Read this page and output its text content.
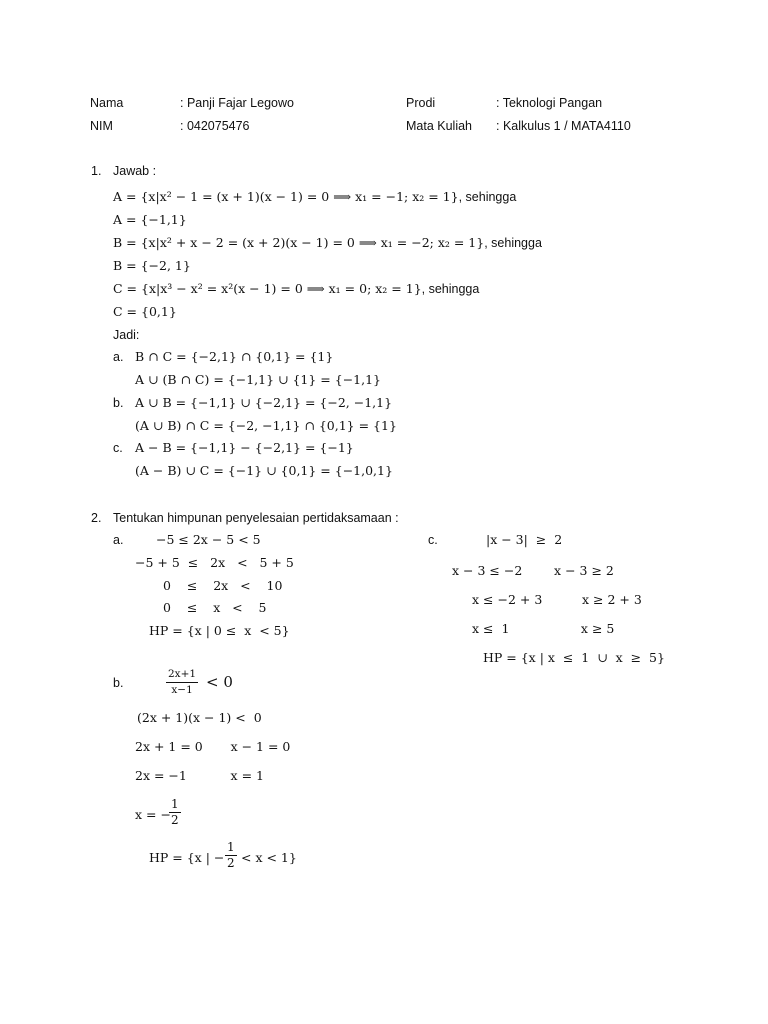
Nama	: Panji Fajar Legowo	Prodi	: Teknologi Pangan
NIM	: 042075476	Mata Kuliah : Kalkulus 1 / MATA4110
1. Jawab :
A = {x|x² − 1 = (x + 1)(x − 1) = 0 ⟹ x₁ = −1; x₂ = 1}, sehingga
A = {−1,1}
B = {x|x² + x − 2 = (x + 2)(x − 1) = 0 ⟹ x₁ = −2; x₂ = 1}, sehingga
B = {−2, 1}
C = {x|x³ − x² = x²(x − 1) = 0 ⟹ x₁ = 0; x₂ = 1}, sehingga
C = {0,1}
Jadi:
a. B ∩ C = {−2,1} ∩ {0,1} = {1}
A ∪ (B ∩ C) = {−1,1} ∪ {1} = {−1,1}
b. A ∪ B = {−1,1} ∪ {−2,1} = {−2, −1,1}
(A ∪ B) ∩ C = {−2, −1,1} ∩ {0,1} = {1}
c. A − B = {−1,1} − {−2,1} = {−1}
(A − B) ∪ C = {−1} ∪ {0,1} = {−1,0,1}
2. Tentukan himpunan penyelesaian pertidaksamaan :
a.	−5 ≤ 2x − 5 < 5
−5 + 5  ≤   2x   <   5 + 5
0    ≤    2x   <    10
0    ≤    x   <    5
HP = {x | 0 ≤  x  < 5}
c.	|x − 3|  ≥  2
x − 3 ≤ −2        x − 3 ≥ 2
x ≤ −2 + 3          x ≥ 2 + 3
x ≤  1                  x ≥ 5
HP = {x | x  ≤  1  ∪  x  ≥  5}
b.	$\frac{2x+1}{x-1} < 0$
(2x + 1)(x − 1) <  0
2x + 1 = 0       x − 1 = 0
2x = −1           x = 1
x = −
$\frac{1}{2}$
HP = {x | − $\frac{1}{2} < x < 1$}
